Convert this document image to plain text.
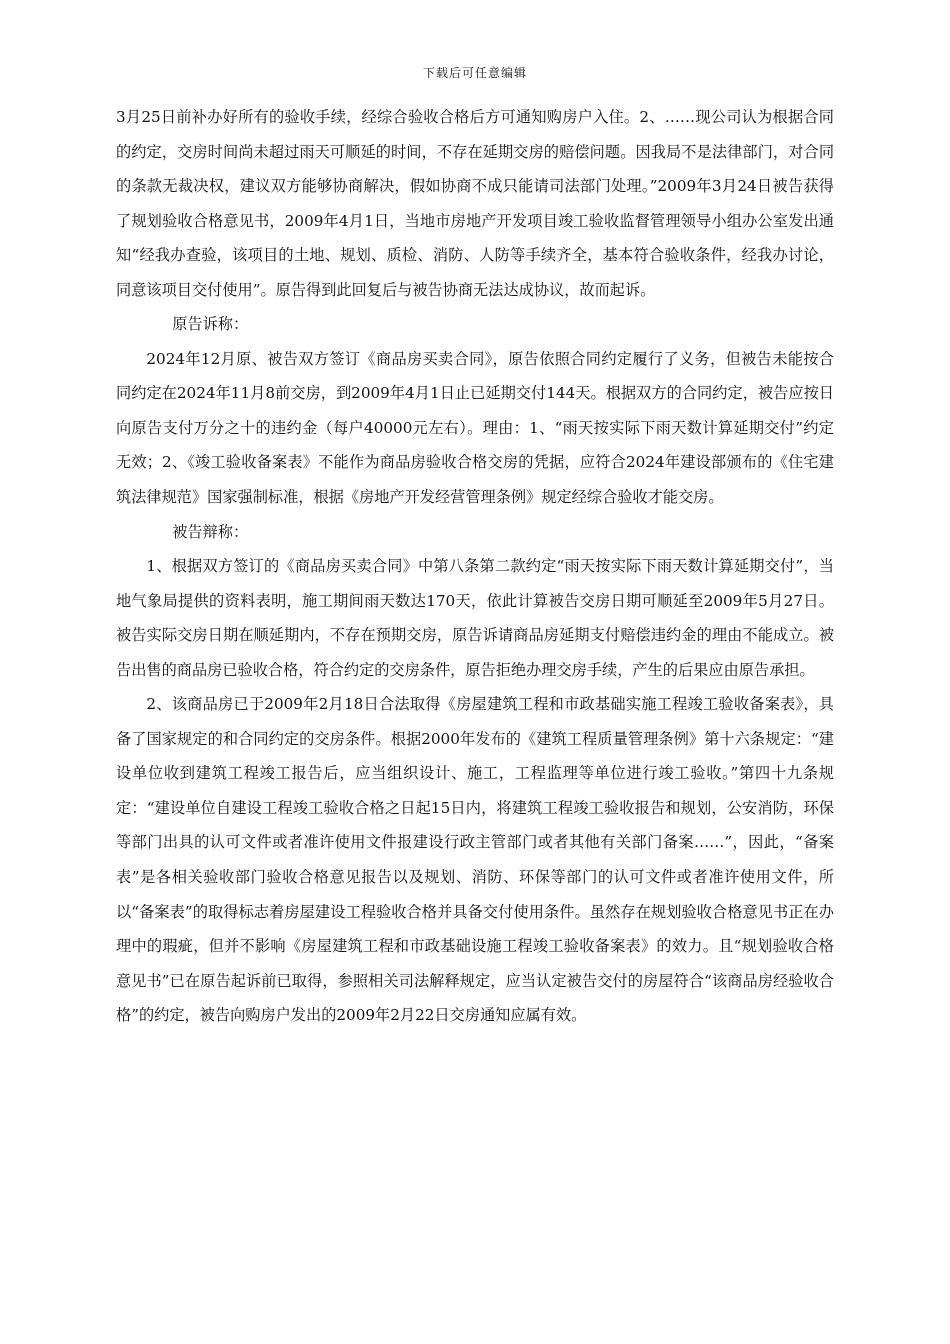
下载后可任意编辑

3月25日前补办好所有的验收手续，经综合验收合格后方可通知购房户入住。2、……现公司认为根据合同的约定，交房时间尚未超过雨天可顺延的时间，不存在延期交房的赔偿问题。因我局不是法律部门，对合同的条款无裁决权，建议双方能够协商解决，假如协商不成只能请司法部门处理。”2009年3月24日被告获得了规划验收合格意见书，2009年4月1日，当地市房地产开发项目竣工验收监督管理领导小组办公室发出通知“经我办查验，该项目的土地、规划、质检、消防、人防等手续齐全，基本符合验收条件，经我办讨论，同意该项目交付使用”。原告得到此回复后与被告协商无法达成协议，故而起诉。

原告诉称：

2024年12月原、被告双方签订《商品房买卖合同》，原告依照合同约定履行了义务，但被告未能按合同约定在2024年11月8前交房，到2009年4月1日止已延期交付144天。根据双方的合同约定，被告应按日向原告支付万分之十的违约金（每户40000元左右）。理由：1、“雨天按实际下雨天数计算延期交付”约定无效；2、《竣工验收备案表》不能作为商品房验收合格交房的凭据，应符合2024年建设部颁布的《住宅建筑法律规范》国家强制标准，根据《房地产开发经营管理条例》规定经综合验收才能交房。

被告辩称：

1、根据双方签订的《商品房买卖合同》中第八条第二款约定“雨天按实际下雨天数计算延期交付”，当地气象局提供的资料表明，施工期间雨天数达170天，依此计算被告交房日期可顺延至2009年5月27日。被告实际交房日期在顺延期内，不存在预期交房，原告诉请商品房延期支付赔偿违约金的理由不能成立。被告出售的商品房已验收合格，符合约定的交房条件，原告拒绝办理交房手续，产生的后果应由原告承担。

2、该商品房已于2009年2月18日合法取得《房屋建筑工程和市政基础实施工程竣工验收备案表》，具备了国家规定的和合同约定的交房条件。根据2000年发布的《建筑工程质量管理条例》第十六条规定：“建设单位收到建筑工程竣工报告后，应当组织设计、施工，工程监理等单位进行竣工验收。”第四十九条规定：“建设单位自建设工程竣工验收合格之日起15日内，将建筑工程竣工验收报告和规划，公安消防，环保等部门出具的认可文件或者准许使用文件报建设行政主管部门或者其他有关部门备案……”，因此，“备案表”是各相关验收部门验收合格意见报告以及规划、消防、环保等部门的认可文件或者准许使用文件，所以“备案表”的取得标志着房屋建设工程验收合格并具备交付使用条件。虽然存在规划验收合格意见书正在办理中的瑕疵，但并不影响《房屋建筑工程和市政基础设施工程竣工验收备案表》的效力。且“规划验收合格意见书”已在原告起诉前已取得，参照相关司法解释规定，应当认定被告交付的房屋符合“该商品房经验收合格”的约定，被告向购房户发出的2009年2月22日交房通知应属有效。
